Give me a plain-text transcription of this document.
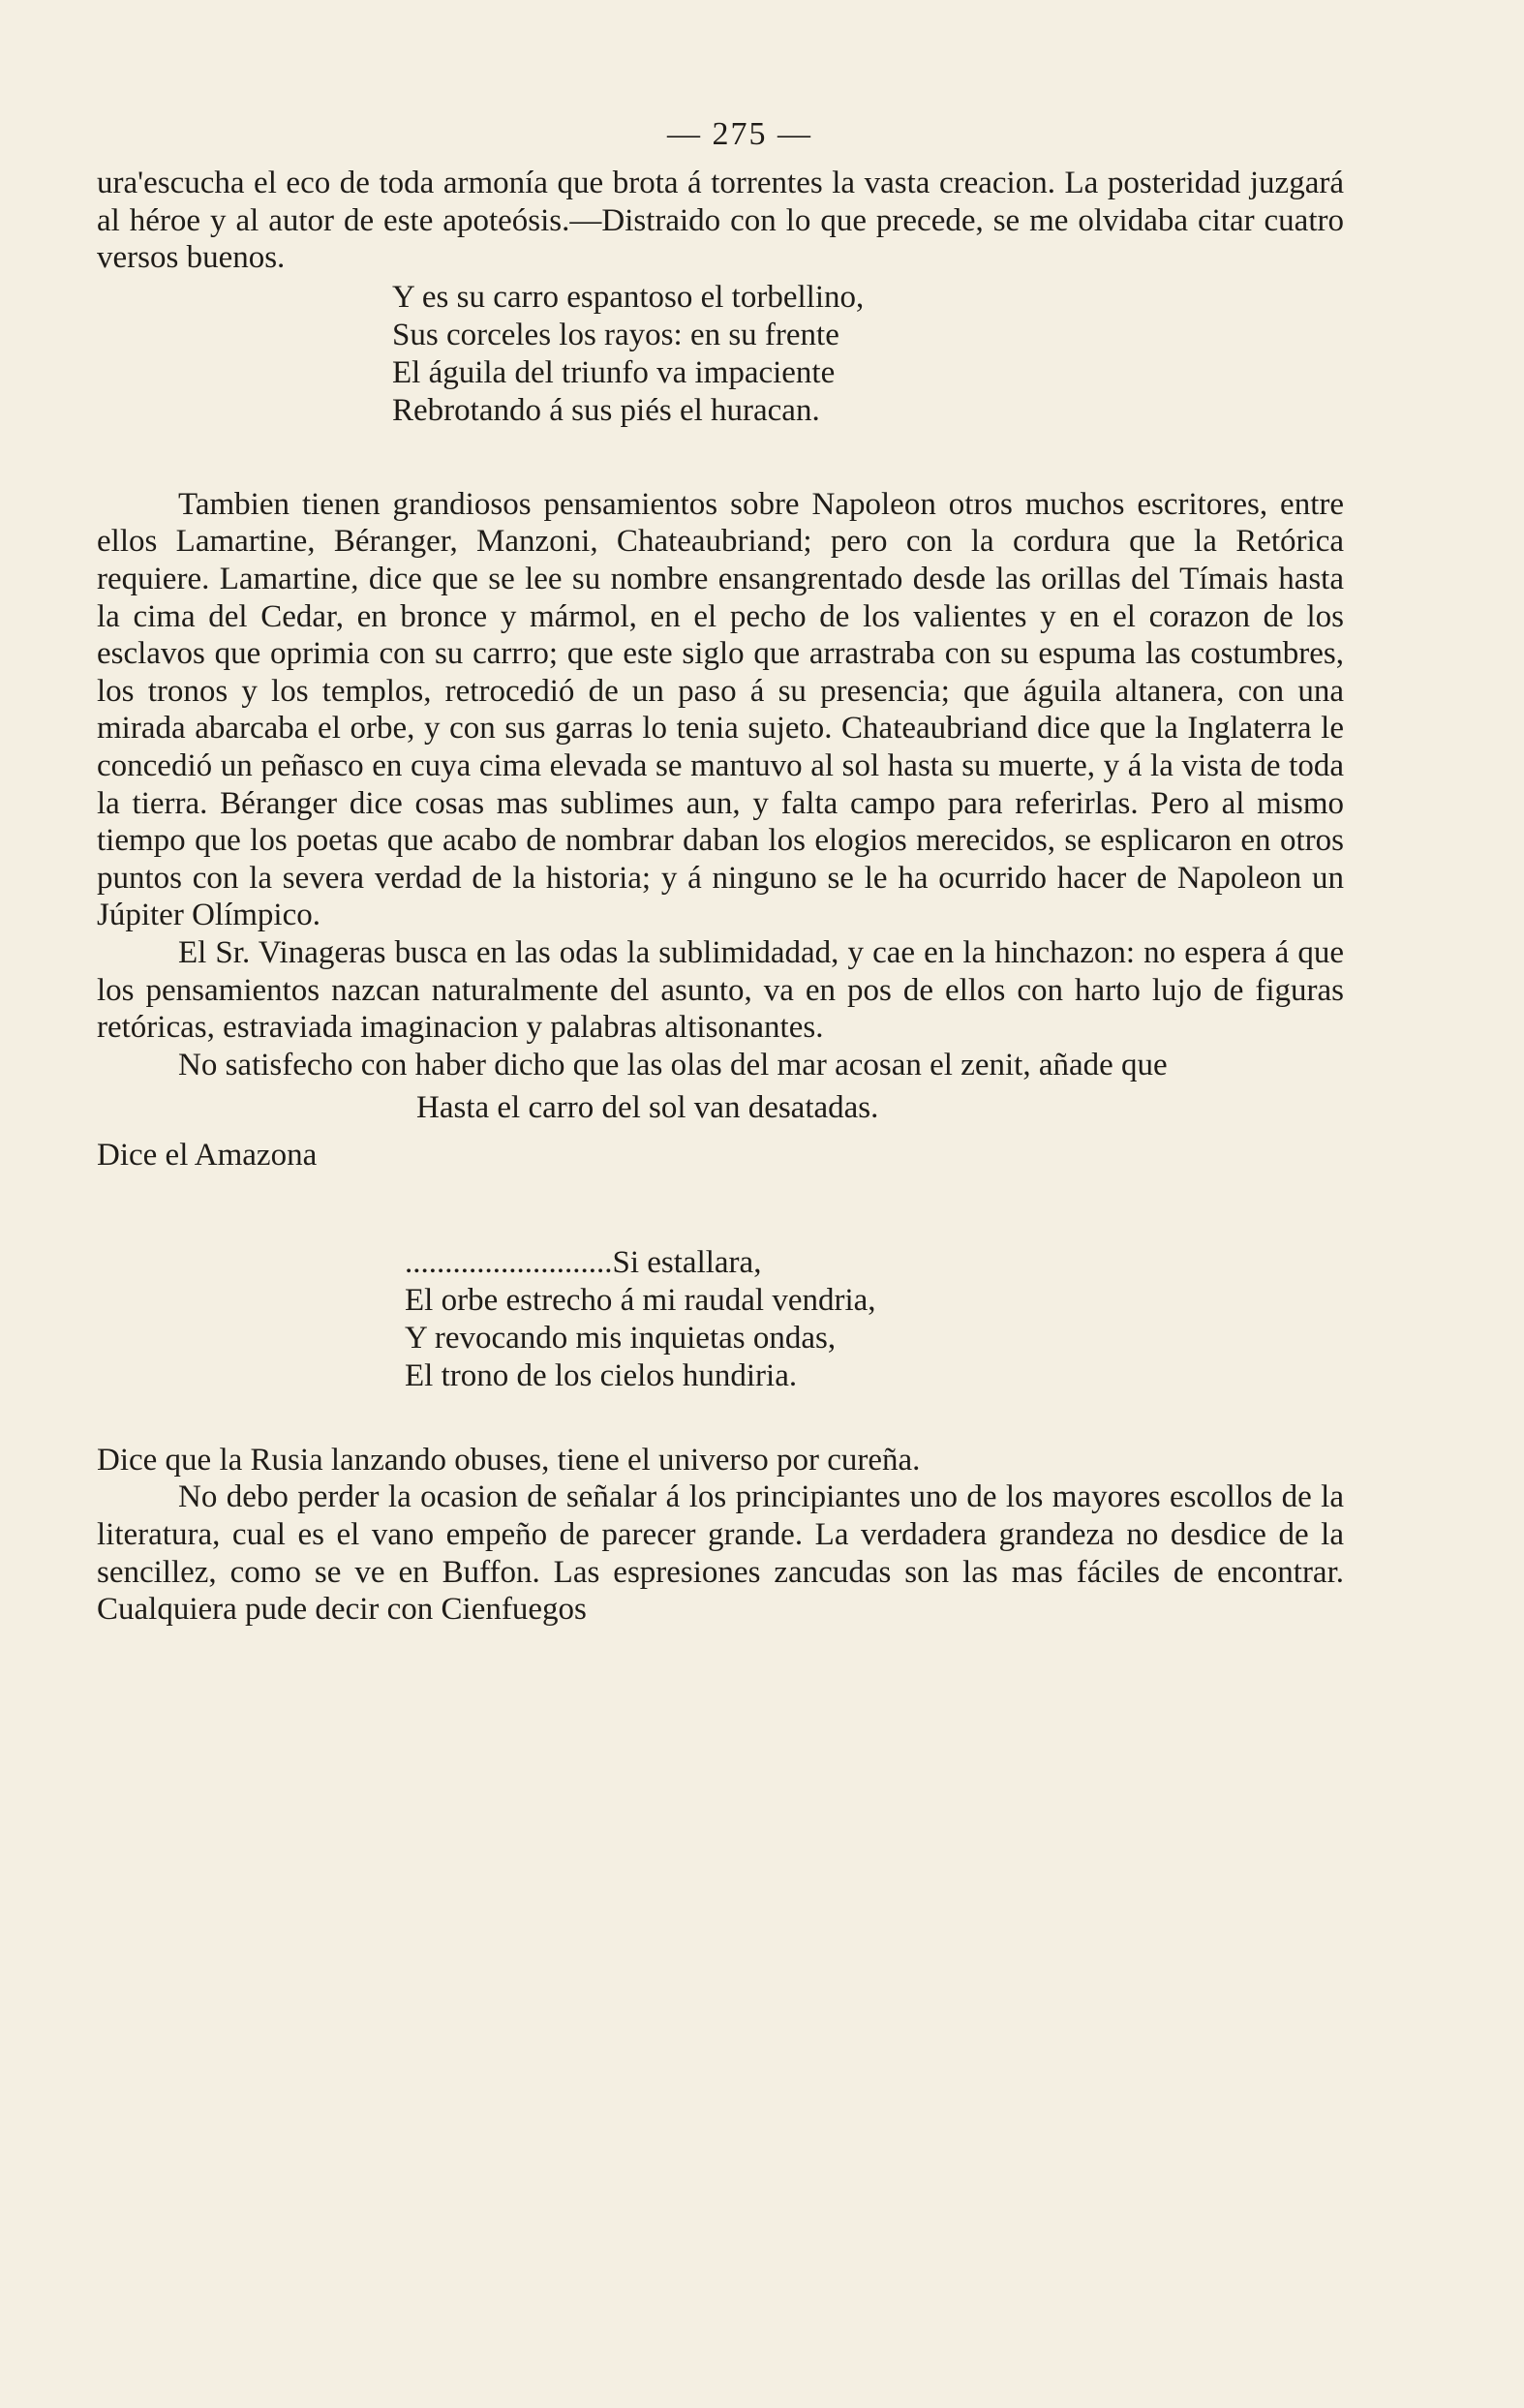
— 275 —

ura'escucha el eco de toda armonía que brota á torrentes la vasta creacion. La posteridad juzgará al héroe y al autor de este apoteósis.—Distraido con lo que precede, se me olvidaba citar cuatro versos buenos.

Y es su carro espantoso el torbellino,
Sus corceles los rayos: en su frente
El águila del triunfo va impaciente
Rebrotando á sus piés el huracan.

Tambien tienen grandiosos pensamientos sobre Napoleon otros muchos escritores, entre ellos Lamartine, Béranger, Manzoni, Chateaubriand; pero con la cordura que la Retórica requiere. Lamartine, dice que se lee su nombre ensangrentado desde las orillas del Tímais hasta la cima del Cedar, en bronce y mármol, en el pecho de los valientes y en el corazon de los esclavos que oprimia con su carrro; que este siglo que arrastraba con su espuma las costumbres, los tronos y los templos, retrocedió de un paso á su presencia; que águila altanera, con una mirada abarcaba el orbe, y con sus garras lo tenia sujeto. Chateaubriand dice que la Inglaterra le concedió un peñasco en cuya cima elevada se mantuvo al sol hasta su muerte, y á la vista de toda la tierra. Béranger dice cosas mas sublimes aun, y falta campo para referirlas. Pero al mismo tiempo que los poetas que acabo de nombrar daban los elogios merecidos, se esplicaron en otros puntos con la severa verdad de la historia; y á ninguno se le ha ocurrido hacer de Napoleon un Júpiter Olímpico.

El Sr. Vinageras busca en las odas la sublimidadad, y cae en la hinchazon: no espera á que los pensamientos nazcan naturalmente del asunto, va en pos de ellos con harto lujo de figuras retóricas, estraviada imaginacion y palabras altisonantes.

No satisfecho con haber dicho que las olas del mar acosan el zenit, añade que

Hasta el carro del sol van desatadas.

Dice el Amazona

..........................Si estallara,
El orbe estrecho á mi raudal vendria,
Y revocando mis inquietas ondas,
El trono de los cielos hundiria.

Dice que la Rusia lanzando obuses, tiene el universo por cureña.

No debo perder la ocasion de señalar á los principiantes uno de los mayores escollos de la literatura, cual es el vano empeño de parecer grande. La verdadera grandeza no desdice de la sencillez, como se ve en Buffon. Las espresiones zancudas son las mas fáciles de encontrar. Cualquiera pude decir con Cienfuegos
